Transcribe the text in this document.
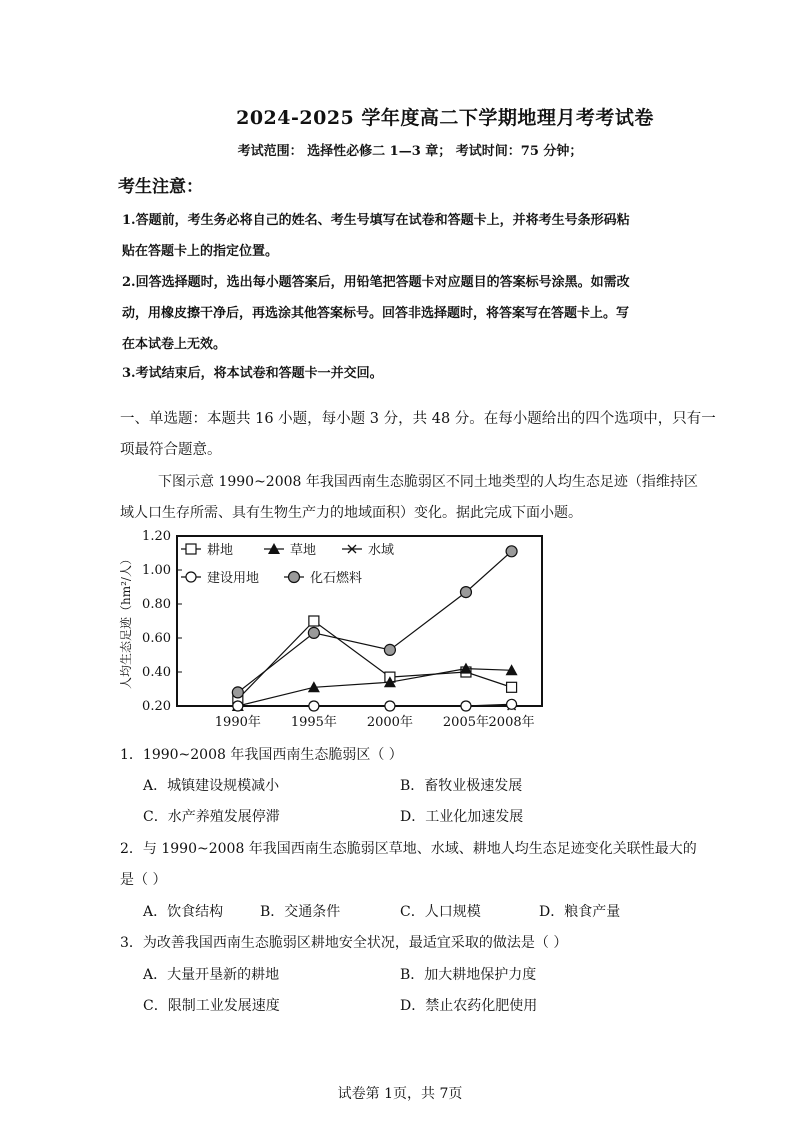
2024-2025 学年度高二下学期地理月考考试卷
考试范围： 选择性必修二 1—3 章； 考试时间：75 分钟；
考生注意：
1.答题前，考生务必将自己的姓名、考生号填写在试卷和答题卡上，并将考生号条形码粘
贴在答题卡上的指定位置。
2.回答选择题时，选出每小题答案后，用铅笔把答题卡对应题目的答案标号涂黑。如需改
动，用橡皮擦干净后，再选涂其他答案标号。回答非选择题时，将答案写在答题卡上。写
在本试卷上无效。
3.考试结束后，将本试卷和答题卡一并交回。
一、单选题：本题共 16 小题，每小题 3 分，共 48 分。在每小题给出的四个选项中，只有一
项最符合题意。
下图示意 1990~2008 年我国西南生态脆弱区不同土地类型的人均生态足迹（指维持区
域人口生存所需、具有生物生产力的地域面积）变化。据此完成下面小题。
0.20
0.40
0.60
0.80
1.00
1.20
1990年 1995年 2000年 2005年 2008年
人均生态足迹（hm²/人）
耕地	草地	水域
建设用地	化石燃料
1．1990~2008 年我国西南生态脆弱区（ ）
A．城镇建设规模减小	B．畜牧业极速发展
C．水产养殖发展停滞	D．工业化加速发展
2．与 1990~2008 年我国西南生态脆弱区草地、水域、耕地人均生态足迹变化关联性最大的
是（ ）
A．饮食结构	B．交通条件	C．人口规模	D．粮食产量
3．为改善我国西南生态脆弱区耕地安全状况，最适宜采取的做法是（ ）
A．大量开垦新的耕地	B．加大耕地保护力度
C．限制工业发展速度	D．禁止农药化肥使用
试卷第 1页，共 7页
